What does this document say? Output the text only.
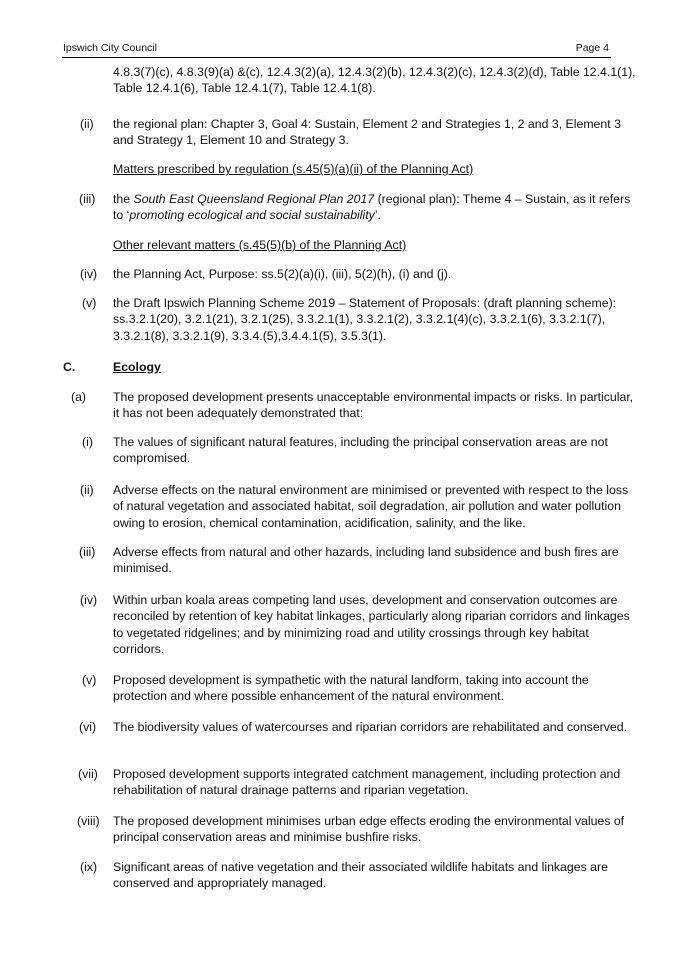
Ipswich City Council	Page 4
4.8.3(7)(c), 4.8.3(9)(a) &(c), 12.4.3(2)(a), 12.4.3(2)(b), 12.4.3(2)(c), 12.4.3(2)(d), Table 12.4.1(1), Table 12.4.1(6), Table 12.4.1(7), Table 12.4.1(8).
(ii) the regional plan: Chapter 3, Goal 4: Sustain, Element 2 and Strategies 1, 2 and 3, Element 3 and Strategy 1, Element 10 and Strategy 3.
Matters prescribed by regulation (s.45(5)(a)(ii) of the Planning Act)
(iii) the South East Queensland Regional Plan 2017 (regional plan): Theme 4 – Sustain, as it refers to ‘promoting ecological and social sustainability’.
Other relevant matters (s.45(5)(b) of the Planning Act)
(iv) the Planning Act, Purpose: ss.5(2)(a)(i), (iii), 5(2)(h), (i) and (j).
(v) the Draft Ipswich Planning Scheme 2019 – Statement of Proposals: (draft planning scheme): ss.3.2.1(20), 3.2.1(21), 3.2.1(25), 3.3.2.1(1), 3.3.2.1(2), 3.3.2.1(4)(c), 3.3.2.1(6), 3.3.2.1(7), 3.3.2.1(8), 3.3.2.1(9), 3.3.4.(5),3.4.4.1(5), 3.5.3(1).
C.	Ecology
(a) The proposed development presents unacceptable environmental impacts or risks. In particular, it has not been adequately demonstrated that:
(i) The values of significant natural features, including the principal conservation areas are not compromised.
(ii) Adverse effects on the natural environment are minimised or prevented with respect to the loss of natural vegetation and associated habitat, soil degradation, air pollution and water pollution owing to erosion, chemical contamination, acidification, salinity, and the like.
(iii) Adverse effects from natural and other hazards, including land subsidence and bush fires are minimised.
(iv) Within urban koala areas competing land uses, development and conservation outcomes are reconciled by retention of key habitat linkages, particularly along riparian corridors and linkages to vegetated ridgelines; and by minimizing road and utility crossings through key habitat corridors.
(v) Proposed development is sympathetic with the natural landform, taking into account the protection and where possible enhancement of the natural environment.
(vi) The biodiversity values of watercourses and riparian corridors are rehabilitated and conserved.
(vii) Proposed development supports integrated catchment management, including protection and rehabilitation of natural drainage patterns and riparian vegetation.
(viii) The proposed development minimises urban edge effects eroding the environmental values of principal conservation areas and minimise bushfire risks.
(ix) Significant areas of native vegetation and their associated wildlife habitats and linkages are conserved and appropriately managed.
